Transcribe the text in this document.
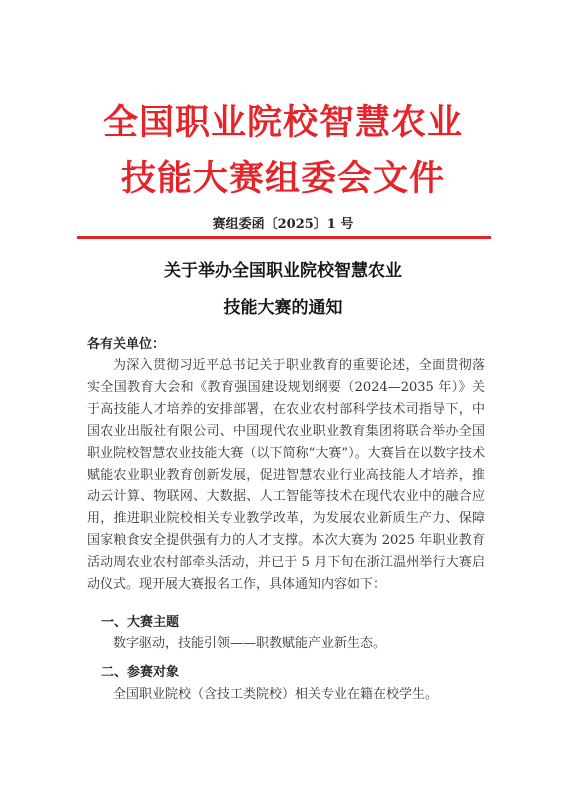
全国职业院校智慧农业
技能大赛组委会文件
赛组委函〔2025〕1 号
关于举办全国职业院校智慧农业
技能大赛的通知
各有关单位：
为深入贯彻习近平总书记关于职业教育的重要论述，全面贯彻落实全国教育大会和《教育强国建设规划纲要（2024—2035 年）》关于高技能人才培养的安排部署，在农业农村部科学技术司指导下，中国农业出版社有限公司、中国现代农业职业教育集团将联合举办全国职业院校智慧农业技能大赛（以下简称“大赛”）。大赛旨在以数字技术赋能农业职业教育创新发展，促进智慧农业行业高技能人才培养，推动云计算、物联网、大数据、人工智能等技术在现代农业中的融合应用，推进职业院校相关专业教学改革，为发展农业新质生产力、保障国家粮食安全提供强有力的人才支撑。本次大赛为 2025 年职业教育活动周农业农村部牵头活动，并已于 5 月下旬在浙江温州举行大赛启动仪式。现开展大赛报名工作，具体通知内容如下：
一、大赛主题
数字驱动，技能引领——职教赋能产业新生态。
二、参赛对象
全国职业院校（含技工类院校）相关专业在籍在校学生。
